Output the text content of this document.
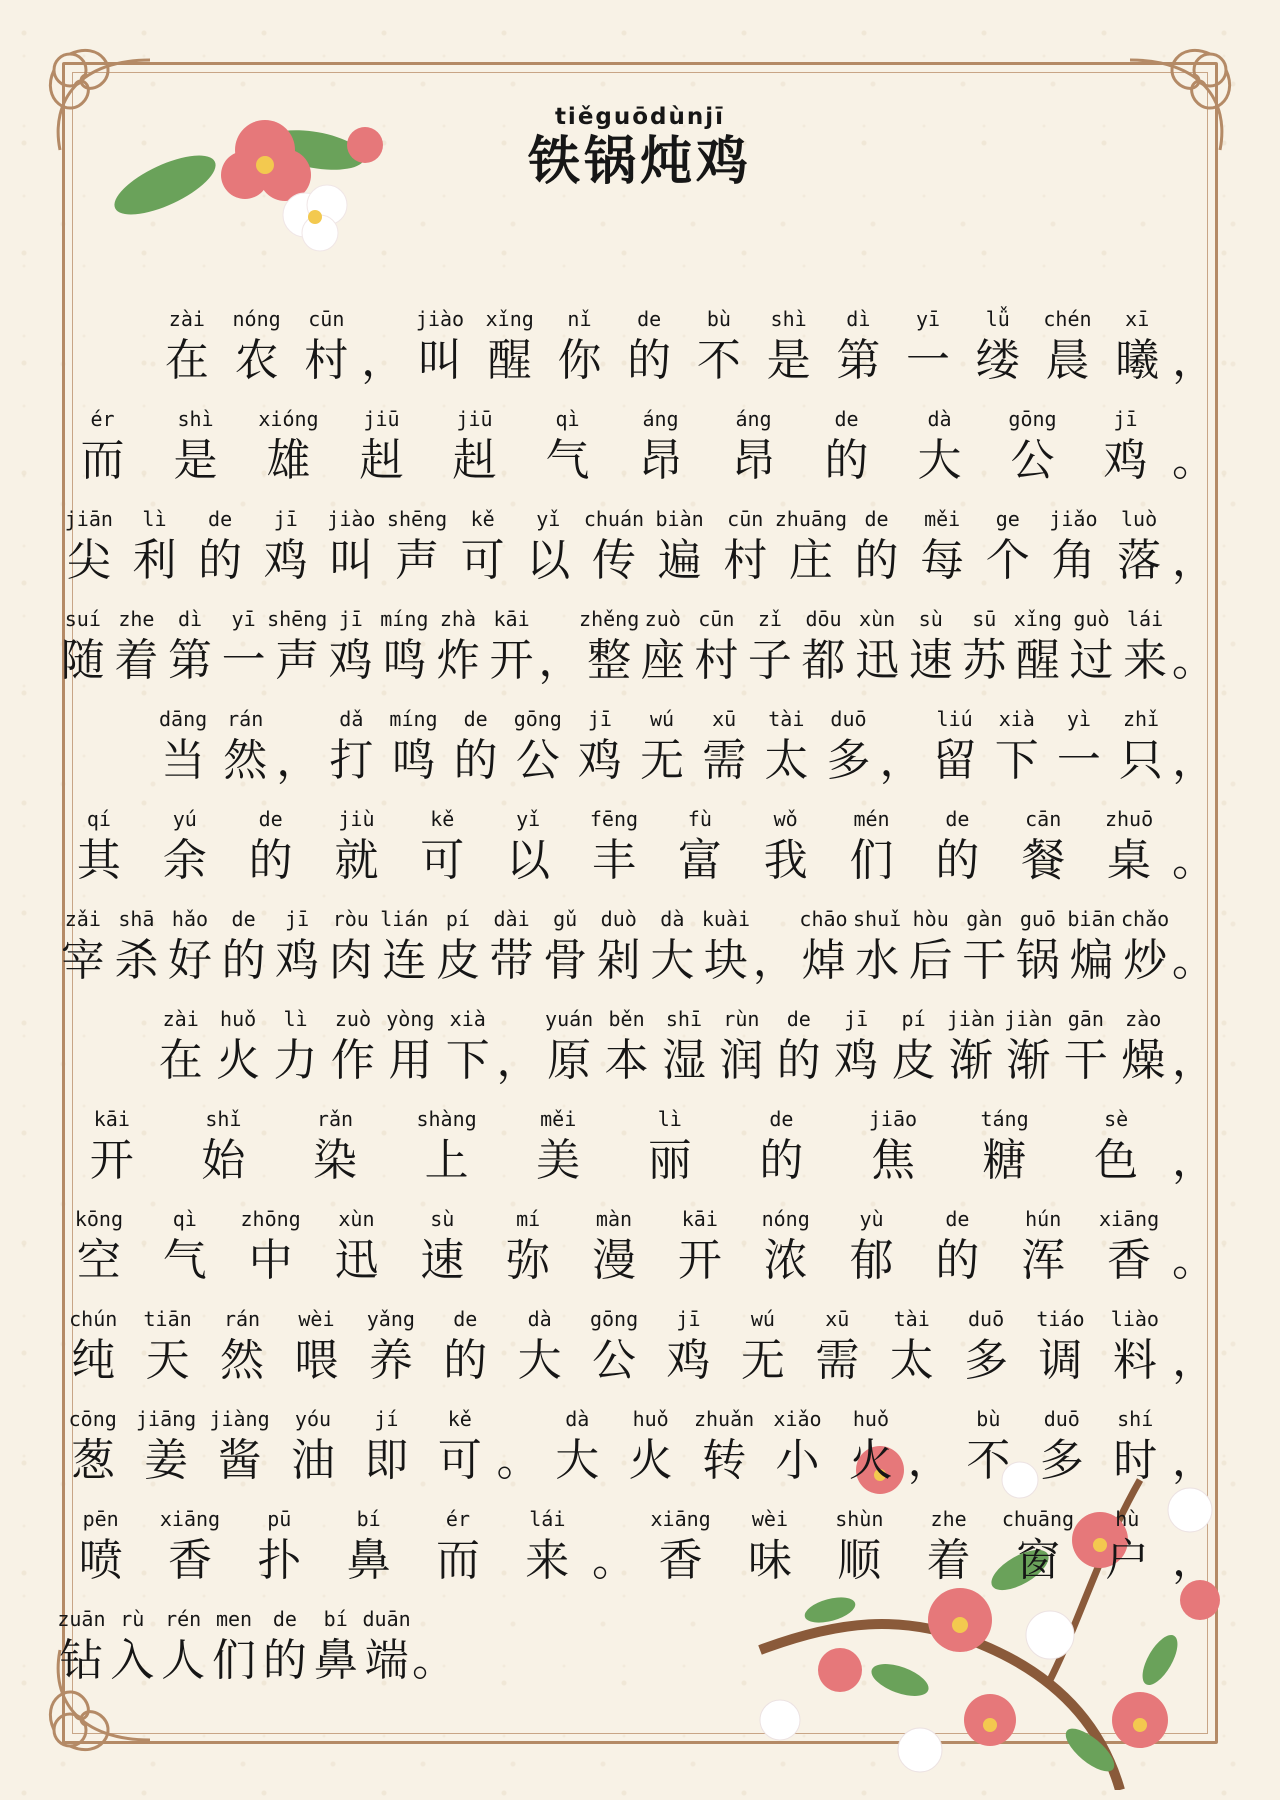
tiěguōdùnjī
铁锅炖鸡
zài
在
nóng
农
cūn
村 ，
jiào
叫
xǐng
醒
nǐ
你
de
的
bù
不
shì
是
dì
第
yī
一
lǚ
缕
chén
晨
xī
曦 ，
ér
而
shì
是
xióng
雄
jiū
赳
jiū
赳
qì
气
áng
昂
áng
昂
de
的
dà
大
gōng
公
jī
鸡 。
jiān
尖
lì
利
de
的
jī
鸡
jiào
叫
shēng
声
kě
可
yǐ
以
chuán
传
biàn
遍
cūn
村
zhuāng
庄
de
的
měi
每
ge
个
jiǎo
角
luò
落 ，
suí
随
zhe
着
dì
第
yī
一
shēng
声
jī
鸡
míng
鸣
zhà
炸
kāi
开 ，
zhěng
整
zuò
座
cūn
村
zǐ
子
dōu
都
xùn
迅
sù
速
sū
苏
xǐng
醒
guò
过
lái
来 。
dāng
当
rán
然 ，
dǎ
打
míng
鸣
de
的
gōng
公
jī
鸡
wú
无
xū
需
tài
太
duō
多 ，
liú
留
xià
下
yì
一
zhǐ
只 ，
qí
其
yú
余
de
的
jiù
就
kě
可
yǐ
以
fēng
丰
fù
富
wǒ
我
mén
们
de
的
cān
餐
zhuō
桌 。
zǎi
宰
shā
杀
hǎo
好
de
的
jī
鸡
ròu
肉
lián
连
pí
皮
dài
带
gǔ
骨
duò
剁
dà
大
kuài
块 ，
chāo
焯
shuǐ
水
hòu
后
gàn
干
guō
锅
biān
煸
chǎo
炒 。
zài
在
huǒ
火
lì
力
zuò
作
yòng
用
xià
下 ，
yuán
原
běn
本
shī
湿
rùn
润
de
的
jī
鸡
pí
皮
jiàn
渐
jiàn
渐
gān
干
zào
燥 ，
kāi
开
shǐ
始
rǎn
染
shàng
上
měi
美
lì
丽
de
的
jiāo
焦
táng
糖
sè
色 ，
kōng
空
qì
气
zhōng
中
xùn
迅
sù
速
mí
弥
màn
漫
kāi
开
nóng
浓
yù
郁
de
的
hún
浑
xiāng
香 。
chún
纯
tiān
天
rán
然
wèi
喂
yǎng
养
de
的
dà
大
gōng
公
jī
鸡
wú
无
xū
需
tài
太
duō
多
tiáo
调
liào
料 ，
cōng
葱
jiāng
姜
jiàng
酱
yóu
油
jí
即
kě
可 。
dà
大
huǒ
火
zhuǎn
转
xiǎo
小
huǒ
火 ，
bù
不
duō
多
shí
时 ，
pēn
喷
xiāng
香
pū
扑
bí
鼻
ér
而
lái
来 。
xiāng
香
wèi
味
shùn
顺
zhe
着
chuāng
窗
hù
户 ，
zuān
钻
rù
入
rén
人
men
们
de
的
bí
鼻
duān
端 。
